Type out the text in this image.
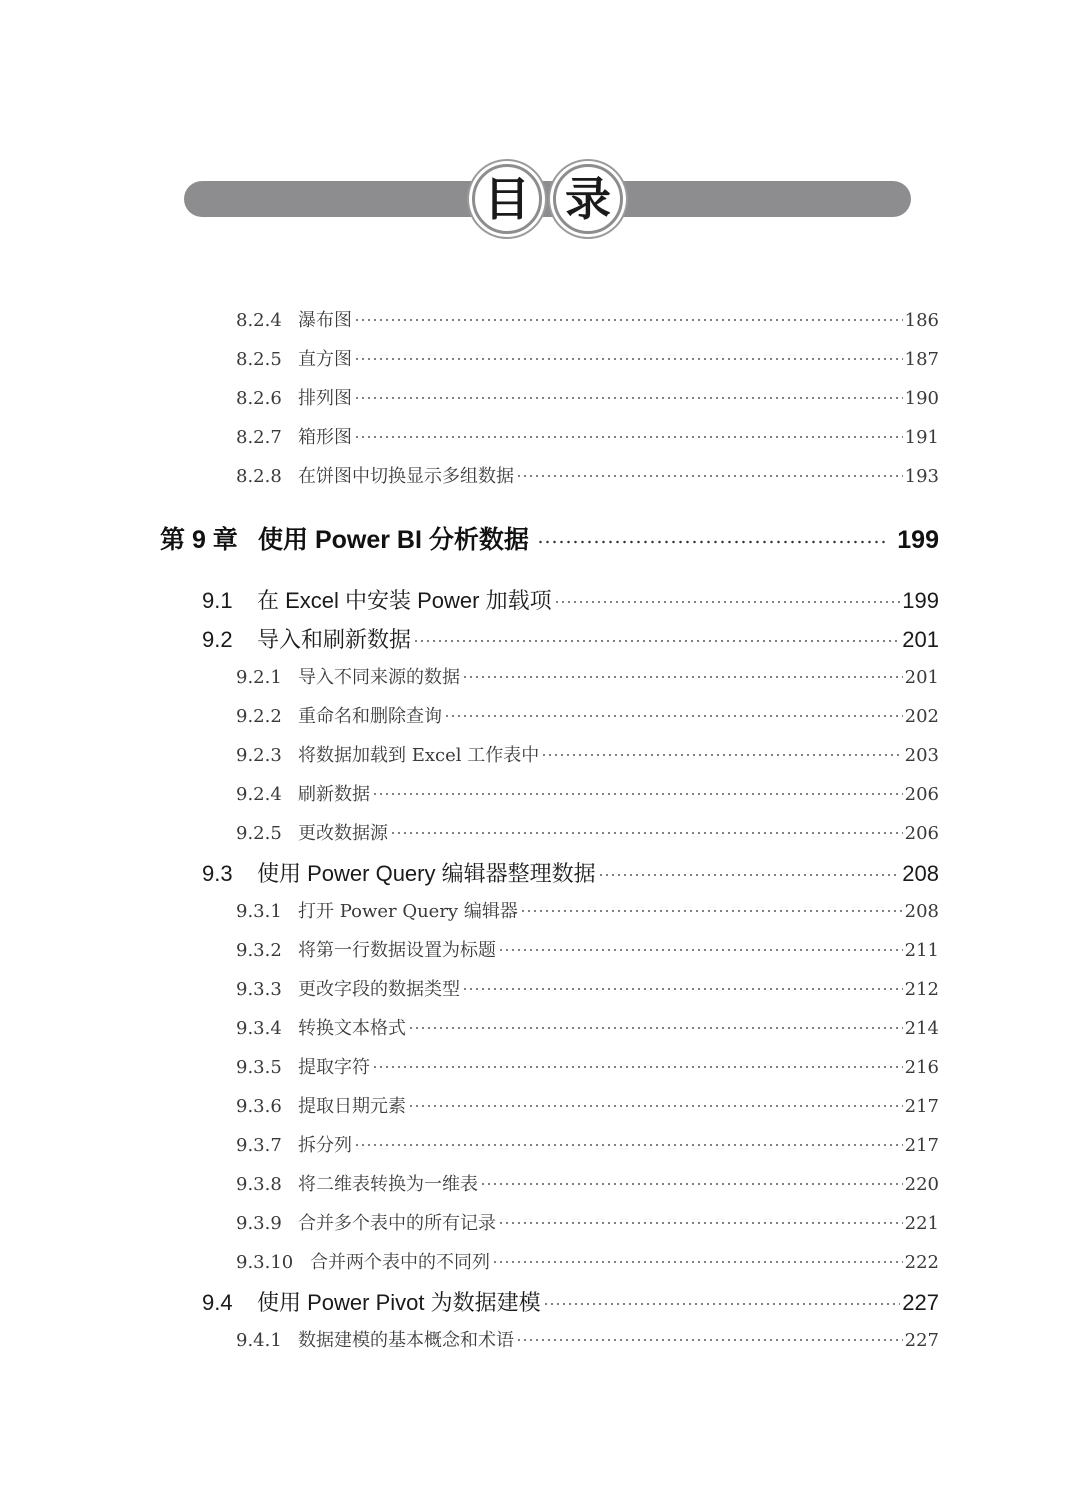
目 录
8.2.4 瀑布图	186
8.2.5 直方图	187
8.2.6 排列图	190
8.2.7 箱形图	191
8.2.8 在饼图中切换显示多组数据	193
第 9 章 使用 Power BI 分析数据	199
9.1	在 Excel 中安装 Power 加载项	199
9.2	导入和刷新数据	201
9.2.1 导入不同来源的数据	201
9.2.2 重命名和删除查询	202
9.2.3 将数据加载到 Excel 工作表中	203
9.2.4 刷新数据	206
9.2.5 更改数据源	206
9.3	使用 Power Query 编辑器整理数据	208
9.3.1 打开 Power Query 编辑器	208
9.3.2 将第一行数据设置为标题	211
9.3.3 更改字段的数据类型	212
9.3.4 转换文本格式	214
9.3.5 提取字符	216
9.3.6 提取日期元素	217
9.3.7 拆分列	217
9.3.8 将二维表转换为一维表	220
9.3.9 合并多个表中的所有记录	221
9.3.10 合并两个表中的不同列	222
9.4	使用 Power Pivot 为数据建模	227
9.4.1 数据建模的基本概念和术语	227
